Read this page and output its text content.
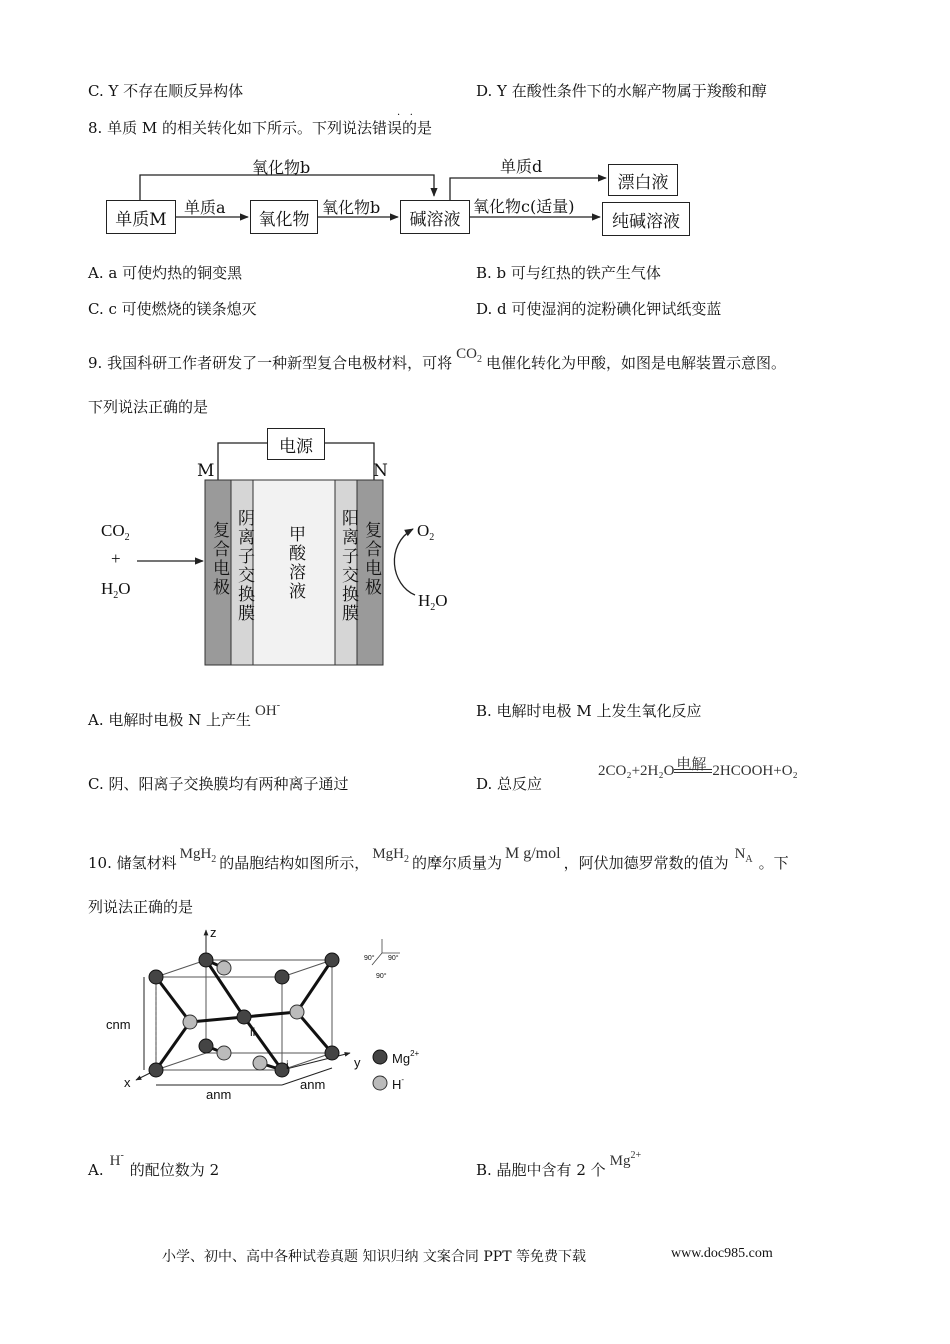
C. Y 不存在顺反异构体	D. Y 在酸性条件下的水解产物属于羧酸和醇
8. 单质 M 的相关转化如下所示。下列说法错误的是
·   ·
单质M	氧化物	碱溶液
漂白液
纯碱溶液
单质a
氧化物b
氧化物b
单质d
氧化物c(适量)
A. a 可使灼热的铜变黑	B. b 可与红热的铁产生气体
C. c 可使燃烧的镁条熄灭	D. d 可使湿润的淀粉碘化钾试纸变蓝
9. 我国科研工作者研发了一种新型复合电极材料，可将 $CO_2$ 电催化转化为甲酸，如图是电解装置示意图。
下列说法正确的是
电源
M	N
复合电极 阴离子交换膜 甲酸溶液 阳离子交换膜 复合电极
$CO_2$
+
$H_2O$
$O_2$
$H_2O$
A. 电解时电极 N 上产生 OH-	B. 电解时电极 M 上发生氧化反应
C. 阴、阳离子交换膜均有两种离子通过	D. 总反应
2CO₂+2H₂O 电解 2HCOOH+O₂
10. 储氢材料 MgH$_2$ 的晶胞结构如图所示， MgH$_2$ 的摩尔质量为M g/mol，阿伏加德罗常数的值为 $N_A$ 。下
列说法正确的是
z
x
y
cnm
anm
anm
i
ii
$Mg^{2+}$
H-
90° 90°
90°
A. H-的配位数为 2	B. 晶胞中含有 2 个 $Mg^{2+}$
小学、初中、高中各种试卷真题 知识归纳 文案合同 PPT 等免费下载	www.doc985.com
